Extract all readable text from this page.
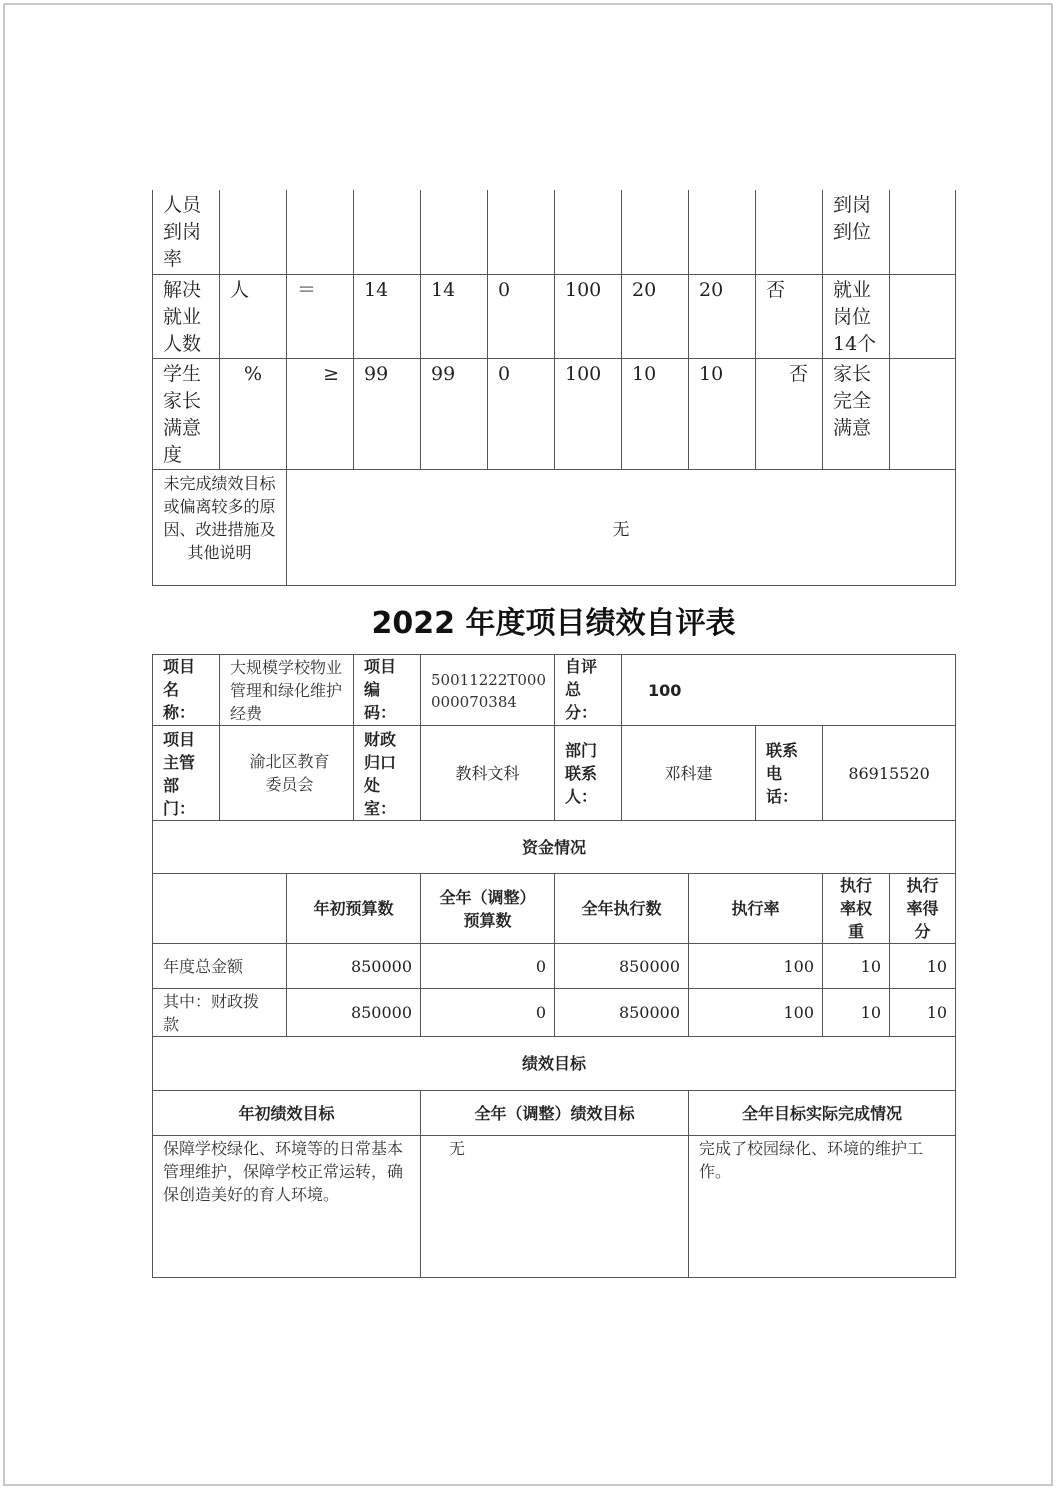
人员到岗率										到岗到位	

解决就业人数	人	＝	14	14	0	100	20	20	否	就业岗位14个	

学生家长满意度	%	≥	99	99	0	100	10	10	否	家长完全满意	

未完成绩效目标或偏离较多的原因、改进措施及其他说明		无									
2022 年度项目绩效自评表
项目名称：	大规模学校物业管理和绿化维护经费		项目编码：	50011222T000000070384	自评总分：	100				

项目主管部门：	渝北区教育委员会		财政归口处室：	教科文科	部门联系人：	邓科建		联系电话：	86915520	
资金情况										
		年初预算数		全年（调整）预算数	全年执行数		执行率		执行率权重	执行率得分

年度总金额		850000		0	850000		100		10	10

其中：财政拨款		850000		0	850000		100		10	10
绩效目标										
年初绩效目标				全年（调整）绩效目标			全年目标实际完成情况			

保障学校绿化、环境等的日常基本管理维护，保障学校正常运转，确保创造美好的育人环境。				无			完成了校园绿化、环境的维护工作。			
